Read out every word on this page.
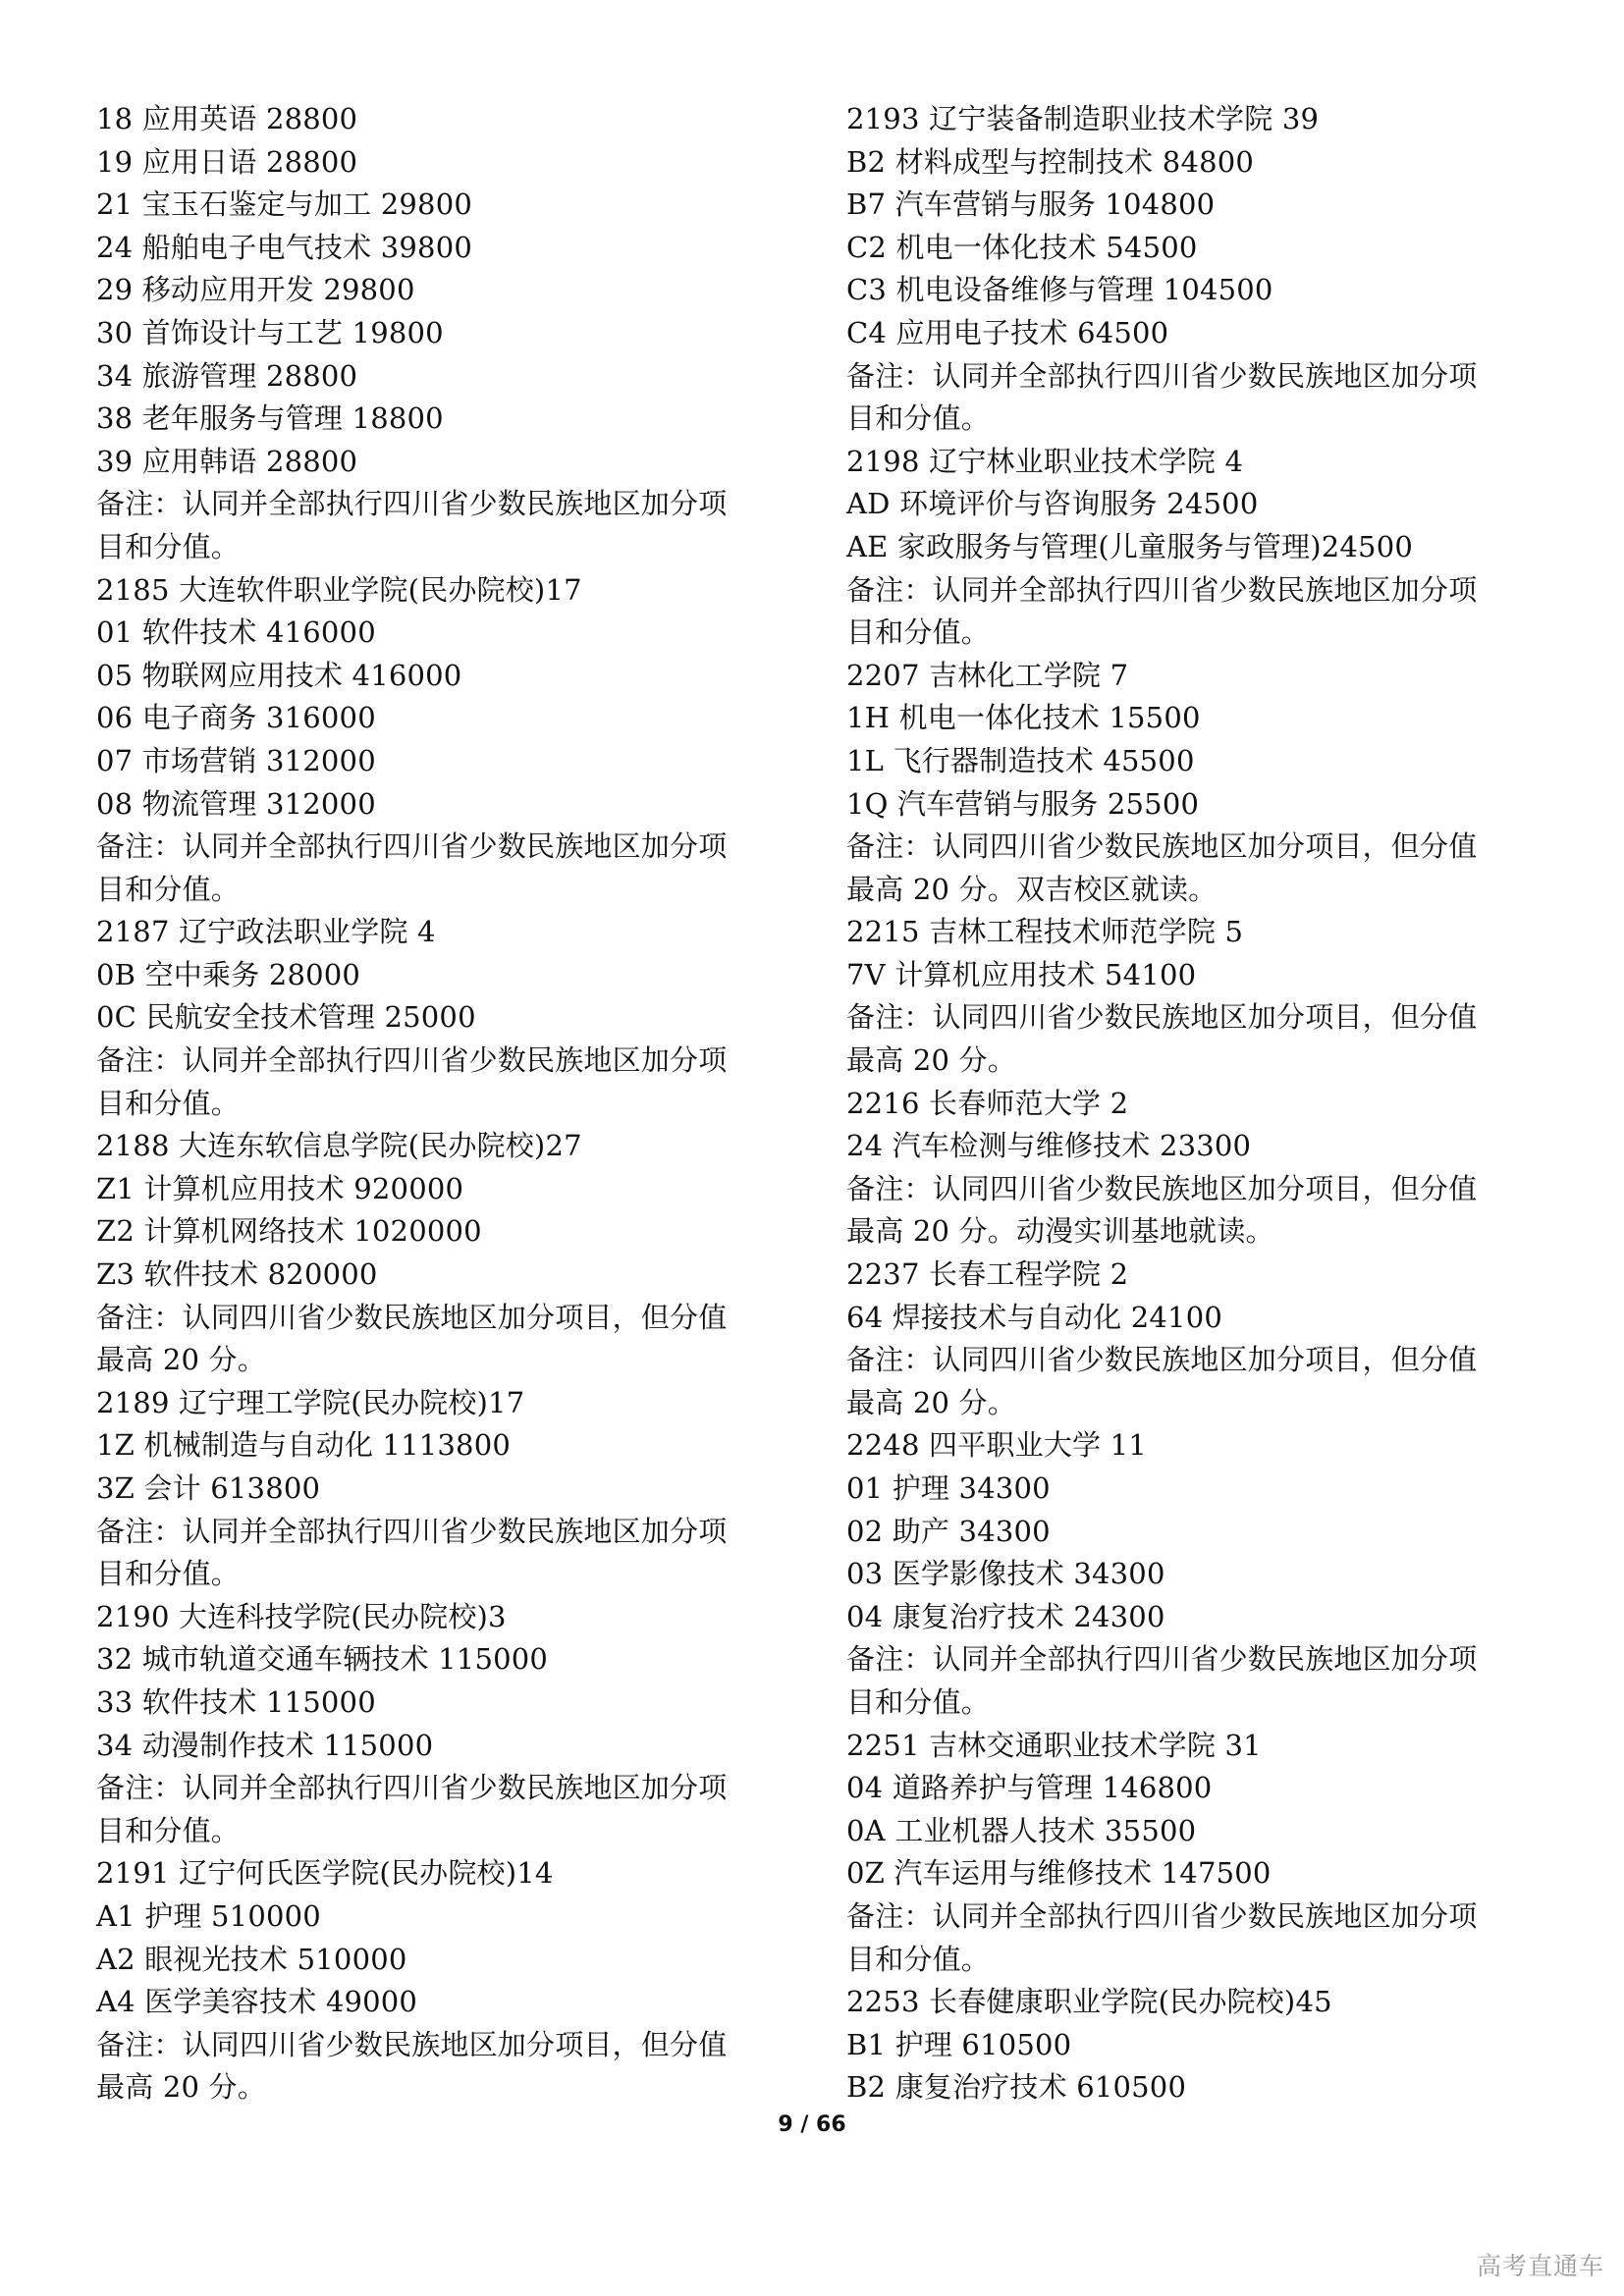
18 应用英语 28800
19 应用日语 28800
21 宝玉石鉴定与加工 29800
24 船舶电子电气技术 39800
29 移动应用开发 29800
30 首饰设计与工艺 19800
34 旅游管理 28800
38 老年服务与管理 18800
39 应用韩语 28800
备注：认同并全部执行四川省少数民族地区加分项
目和分值。
2185 大连软件职业学院(民办院校)17
01 软件技术 416000
05 物联网应用技术 416000
06 电子商务 316000
07 市场营销 312000
08 物流管理 312000
备注：认同并全部执行四川省少数民族地区加分项
目和分值。
2187 辽宁政法职业学院 4
0B 空中乘务 28000
0C 民航安全技术管理 25000
备注：认同并全部执行四川省少数民族地区加分项
目和分值。
2188 大连东软信息学院(民办院校)27
Z1 计算机应用技术 920000
Z2 计算机网络技术 1020000
Z3 软件技术 820000
备注：认同四川省少数民族地区加分项目，但分值
最高 20 分。
2189 辽宁理工学院(民办院校)17
1Z 机械制造与自动化 1113800
3Z 会计 613800
备注：认同并全部执行四川省少数民族地区加分项
目和分值。
2190 大连科技学院(民办院校)3
32 城市轨道交通车辆技术 115000
33 软件技术 115000
34 动漫制作技术 115000
备注：认同并全部执行四川省少数民族地区加分项
目和分值。
2191 辽宁何氏医学院(民办院校)14
A1 护理 510000
A2 眼视光技术 510000
A4 医学美容技术 49000
备注：认同四川省少数民族地区加分项目，但分值
最高 20 分。
2193 辽宁装备制造职业技术学院 39
B2 材料成型与控制技术 84800
B7 汽车营销与服务 104800
C2 机电一体化技术 54500
C3 机电设备维修与管理 104500
C4 应用电子技术 64500
备注：认同并全部执行四川省少数民族地区加分项
目和分值。
2198 辽宁林业职业技术学院 4
AD 环境评价与咨询服务 24500
AE 家政服务与管理(儿童服务与管理)24500
备注：认同并全部执行四川省少数民族地区加分项
目和分值。
2207 吉林化工学院 7
1H 机电一体化技术 15500
1L 飞行器制造技术 45500
1Q 汽车营销与服务 25500
备注：认同四川省少数民族地区加分项目，但分值
最高 20 分。双吉校区就读。
2215 吉林工程技术师范学院 5
7V 计算机应用技术 54100
备注：认同四川省少数民族地区加分项目，但分值
最高 20 分。
2216 长春师范大学 2
24 汽车检测与维修技术 23300
备注：认同四川省少数民族地区加分项目，但分值
最高 20 分。动漫实训基地就读。
2237 长春工程学院 2
64 焊接技术与自动化 24100
备注：认同四川省少数民族地区加分项目，但分值
最高 20 分。
2248 四平职业大学 11
01 护理 34300
02 助产 34300
03 医学影像技术 34300
04 康复治疗技术 24300
备注：认同并全部执行四川省少数民族地区加分项
目和分值。
2251 吉林交通职业技术学院 31
04 道路养护与管理 146800
0A 工业机器人技术 35500
0Z 汽车运用与维修技术 147500
备注：认同并全部执行四川省少数民族地区加分项
目和分值。
2253 长春健康职业学院(民办院校)45
B1 护理 610500
B2 康复治疗技术 610500
9 / 66
高考直通车
